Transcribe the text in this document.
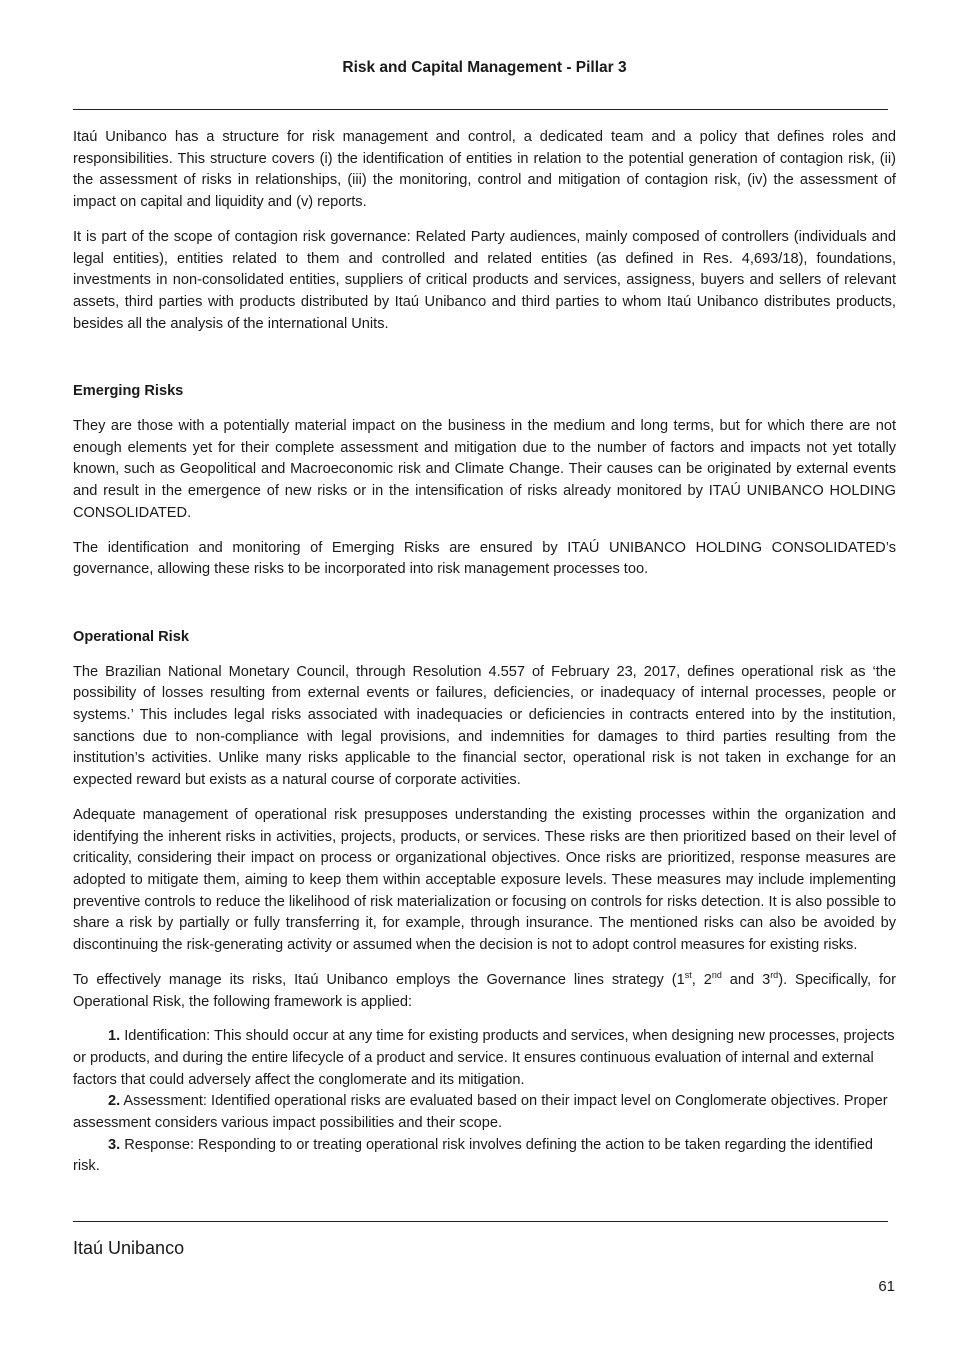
Risk and Capital Management - Pillar 3

Itaú Unibanco has a structure for risk management and control, a dedicated team and a policy that defines roles and responsibilities. This structure covers (i) the identification of entities in relation to the potential generation of contagion risk, (ii) the assessment of risks in relationships, (iii) the monitoring, control and mitigation of contagion risk, (iv) the assessment of impact on capital and liquidity and (v) reports.

It is part of the scope of contagion risk governance: Related Party audiences, mainly composed of controllers (individuals and legal entities), entities related to them and controlled and related entities (as defined in Res. 4,693/18), foundations, investments in non-consolidated entities, suppliers of critical products and services, assigness, buyers and sellers of relevant assets, third parties with products distributed by Itaú Unibanco and third parties to whom Itaú Unibanco distributes products, besides all the analysis of the international Units.

Emerging Risks

They are those with a potentially material impact on the business in the medium and long terms, but for which there are not enough elements yet for their complete assessment and mitigation due to the number of factors and impacts not yet totally known, such as Geopolitical and Macroeconomic risk and Climate Change. Their causes can be originated by external events and result in the emergence of new risks or in the intensification of risks already monitored by ITAÚ UNIBANCO HOLDING CONSOLIDATED.

The identification and monitoring of Emerging Risks are ensured by ITAÚ UNIBANCO HOLDING CONSOLIDATED’s governance, allowing these risks to be incorporated into risk management processes too.

Operational Risk

The Brazilian National Monetary Council, through Resolution 4.557 of February 23, 2017, defines operational risk as ‘the possibility of losses resulting from external events or failures, deficiencies, or inadequacy of internal processes, people or systems.’ This includes legal risks associated with inadequacies or deficiencies in contracts entered into by the institution, sanctions due to non-compliance with legal provisions, and indemnities for damages to third parties resulting from the institution’s activities. Unlike many risks applicable to the financial sector, operational risk is not taken in exchange for an expected reward but exists as a natural course of corporate activities.

Adequate management of operational risk presupposes understanding the existing processes within the organization and identifying the inherent risks in activities, projects, products, or services. These risks are then prioritized based on their level of criticality, considering their impact on process or organizational objectives. Once risks are prioritized, response measures are adopted to mitigate them, aiming to keep them within acceptable exposure levels. These measures may include implementing preventive controls to reduce the likelihood of risk materialization or focusing on controls for risks detection. It is also possible to share a risk by partially or fully transferring it, for example, through insurance. The mentioned risks can also be avoided by discontinuing the risk-generating activity or assumed when the decision is not to adopt control measures for existing risks.

To effectively manage its risks, Itaú Unibanco employs the Governance lines strategy (1st, 2nd and 3rd). Specifically, for Operational Risk, the following framework is applied:

1. Identification: This should occur at any time for existing products and services, when designing new processes, projects or products, and during the entire lifecycle of a product and service. It ensures continuous evaluation of internal and external factors that could adversely affect the conglomerate and its mitigation.

2. Assessment: Identified operational risks are evaluated based on their impact level on Conglomerate objectives. Proper assessment considers various impact possibilities and their scope.

3. Response: Responding to or treating operational risk involves defining the action to be taken regarding the identified risk.

Itaú Unibanco

61
